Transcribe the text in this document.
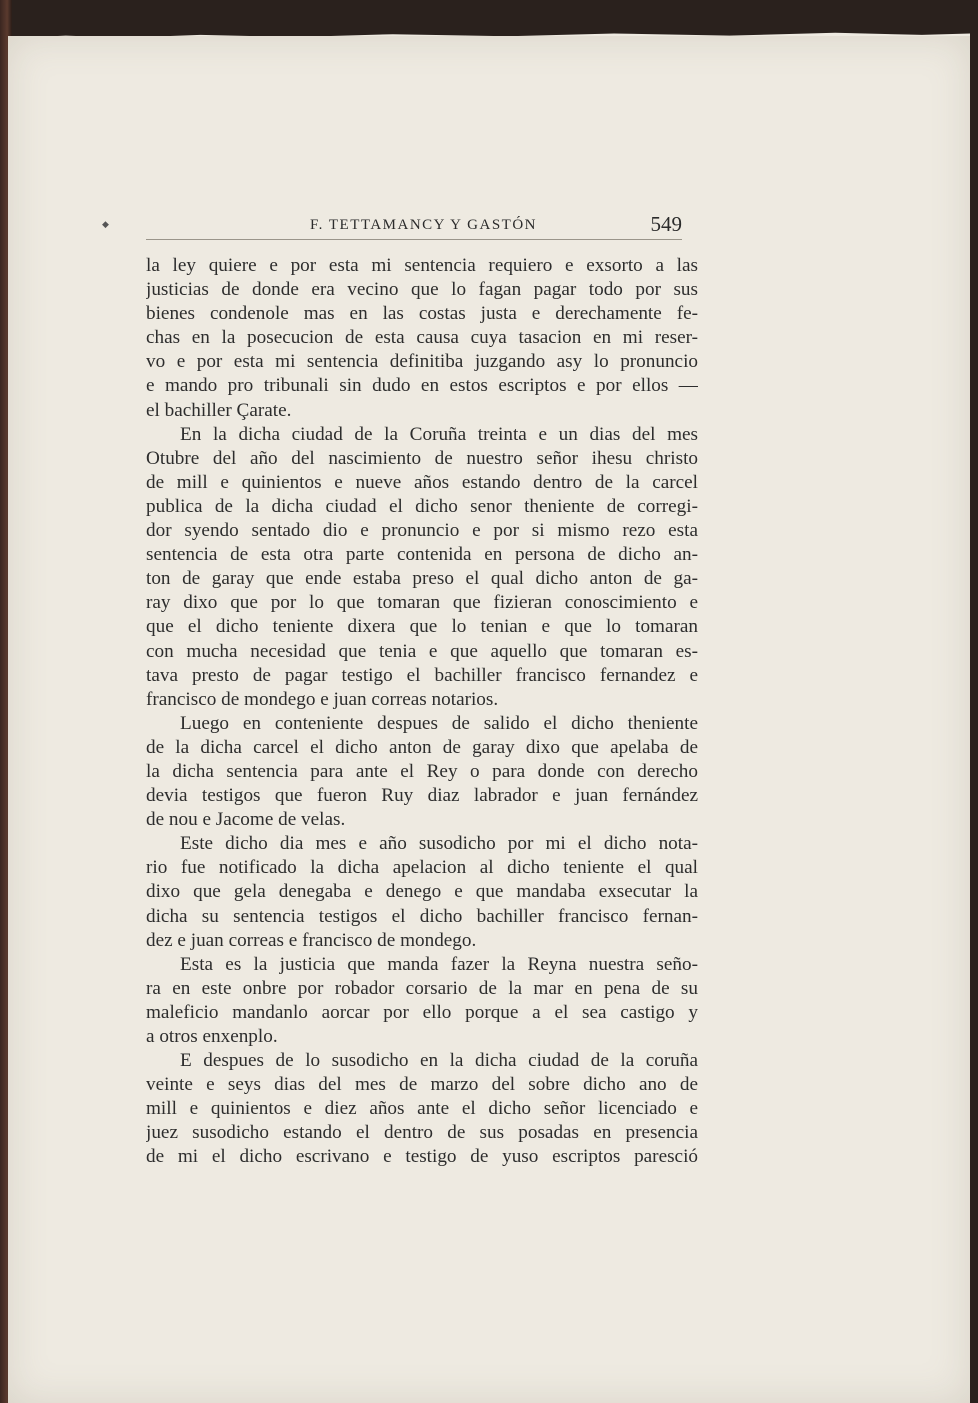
◆	F. TETTAMANCY Y GASTÓN	549
la ley quiere e por esta mi sentencia requiero e exsorto a las
justicias de donde era vecino que lo fagan pagar todo por sus
bienes condenole mas en las costas justa e derechamente fe-
chas en la posecucion de esta causa cuya tasacion en mi reser-
vo e por esta mi sentencia definitiba juzgando asy lo pronuncio
e mando pro tribunali sin dudo en estos escriptos e por ellos —
el bachiller Çarate.
En la dicha ciudad de la Coruña treinta e un dias del mes
Otubre del año del nascimiento de nuestro señor ihesu christo
de mill e quinientos e nueve años estando dentro de la carcel
publica de la dicha ciudad el dicho senor theniente de corregi-
dor syendo sentado dio e pronuncio e por si mismo rezo esta
sentencia de esta otra parte contenida en persona de dicho an-
ton de garay que ende estaba preso el qual dicho anton de ga-
ray dixo que por lo que tomaran que fizieran conoscimiento e
que el dicho teniente dixera que lo tenian e que lo tomaran
con mucha necesidad que tenia e que aquello que tomaran es-
tava presto de pagar testigo el bachiller francisco fernandez e
francisco de mondego e juan correas notarios.
Luego en conteniente despues de salido el dicho theniente
de la dicha carcel el dicho anton de garay dixo que apelaba de
la dicha sentencia para ante el Rey o para donde con derecho
devia testigos que fueron Ruy diaz labrador e juan fernández
de nou e Jacome de velas.
Este dicho dia mes e año susodicho por mi el dicho nota-
rio fue notificado la dicha apelacion al dicho teniente el qual
dixo que gela denegaba e denego e que mandaba exsecutar la
dicha su sentencia testigos el dicho bachiller francisco fernan-
dez e juan correas e francisco de mondego.
Esta es la justicia que manda fazer la Reyna nuestra seño-
ra en este onbre por robador corsario de la mar en pena de su
maleficio mandanlo aorcar por ello porque a el sea castigo y
a otros enxenplo.
E despues de lo susodicho en la dicha ciudad de la coruña
veinte e seys dias del mes de marzo del sobre dicho ano de
mill e quinientos e diez años ante el dicho señor licenciado e
juez susodicho estando el dentro de sus posadas en presencia
de mi el dicho escrivano e testigo de yuso escriptos paresció
